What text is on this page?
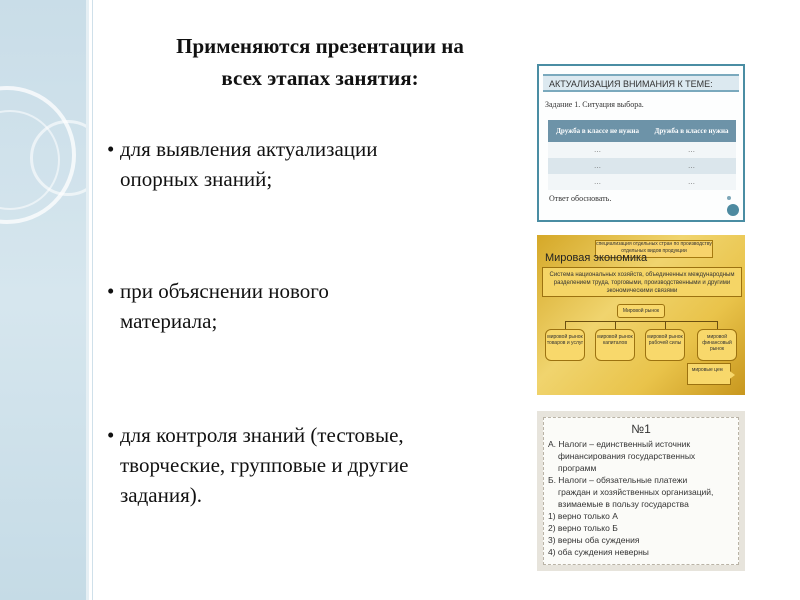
Применяются презентации на
всех этапах занятия:
• для выявления актуализации
опорных знаний;
• при объяснении нового
материала;
• для контроля знаний (тестовые,
творческие, групповые и другие
задания).
АКТУАЛИЗАЦИЯ ВНИМАНИЯ К ТЕМЕ:
Задание 1. Ситуация выбора.
Дружба в классе не нужна	Дружба в классе нужна
…	…
…	…
…	…
Ответ обосновать.
специализация отдельных стран по производству отдельных видов продукции
Мировая экономика
Система национальных хозяйств, объединенных международным разделением труда, торговыми, производственными и другими экономическими связями
Мировой рынок
мировой рынок товаров и услуг
мировой рынок капиталов
мировой рынок рабочей силы
мировой финансовый рынок
мировые цены
№1
А. Налоги – единственный источник
финансирования государственных
программ
Б. Налоги – обязательные платежи
граждан и хозяйственных организаций,
взимаемые в пользу государства
1) верно только А
2) верно только Б
3) верны оба суждения
4) оба суждения неверны
